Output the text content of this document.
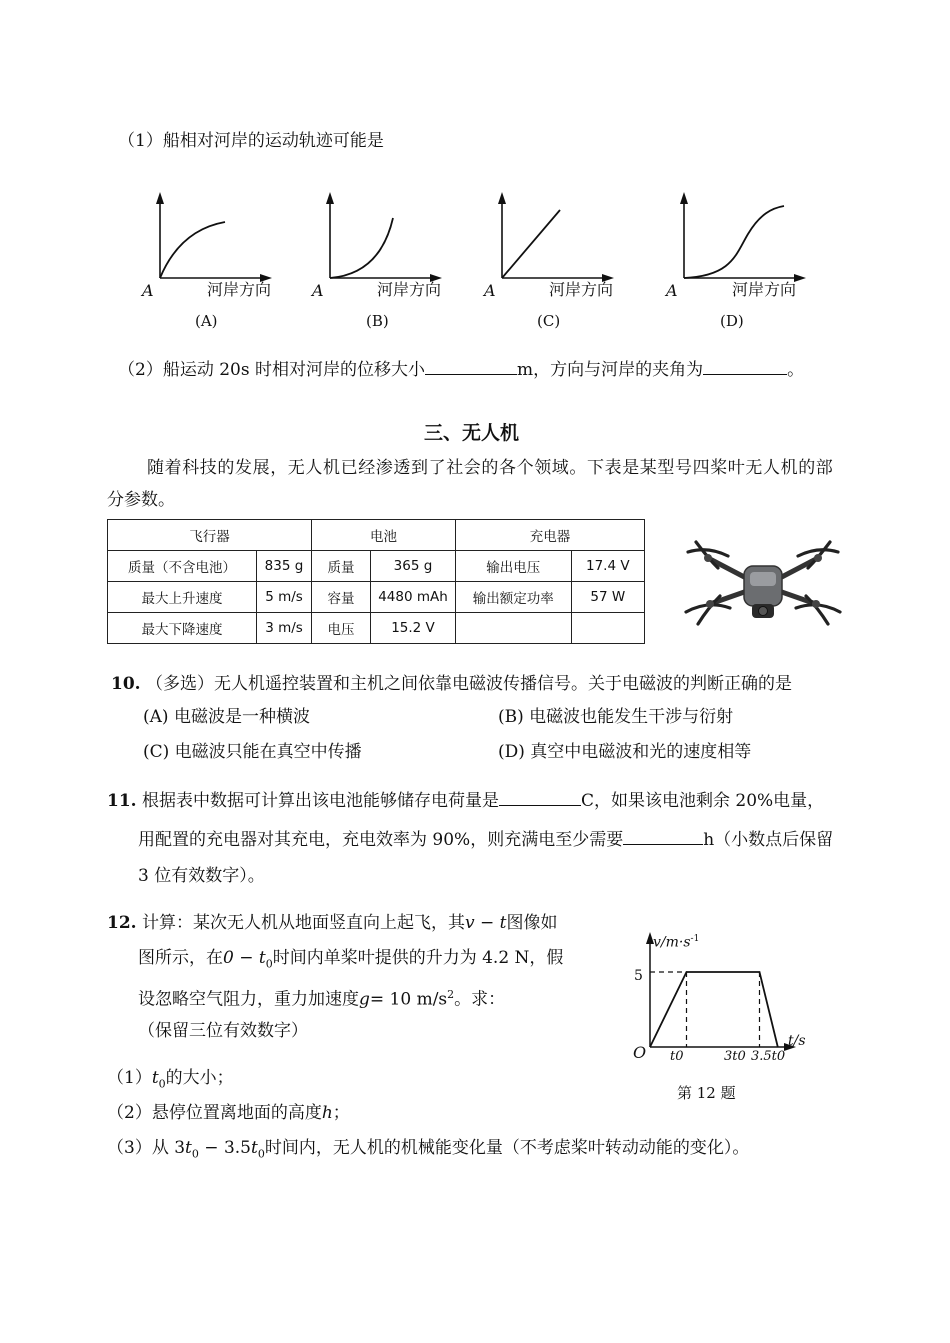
（1）船相对河岸的运动轨迹可能是
A	A	A	A
河岸方向	河岸方向	河岸方向	河岸方向
(A)	(B)	(C)	(D)
（2）船运动 20s 时相对河岸的位移大小	m，方向与河岸的夹角为	。
三、无人机
随着科技的发展，无人机已经渗透到了社会的各个领域。下表是某型号四桨叶无人机的部
分参数。
飞行器		电池		充电器	
质量（不含电池）	835 g	质量	365 g	输出电压	17.4 V
最大上升速度	5 m/s	容量	4480 mAh	输出额定功率	57 W
最大下降速度	3 m/s	电压	15.2 V		
10. （多选）无人机遥控装置和主机之间依靠电磁波传播信号。关于电磁波的判断正确的是
(A) 电磁波是一种横波	(B) 电磁波也能发生干涉与衍射
(C) 电磁波只能在真空中传播	(D) 真空中电磁波和光的速度相等
11. 根据表中数据可计算出该电池能够储存电荷量是	C，如果该电池剩余 20%电量，
用配置的充电器对其充电，充电效率为 90%，则充满电至少需要	h（小数点后保留
3 位有效数字）。
12. 计算：某次无人机从地面竖直向上起飞，其v − t图像如
图所示，在$0 - t_0$时间内单桨叶提供的升力为 4.2 N，假
设忽略空气阻力，重力加速度g= 10 $m/s^2$。求：
（保留三位有效数字）
$(1)t_0$的大小；
（2）悬停位置离地面的高度h；
（3）从 $3t_0 - 3.5t_0$时间内，无人机的机械能变化量（不考虑桨叶转动动能的变化）。
$v/m\cdot s^{-1}$
t/s
5
O t0	3t0 3.5t0
第 12 题
